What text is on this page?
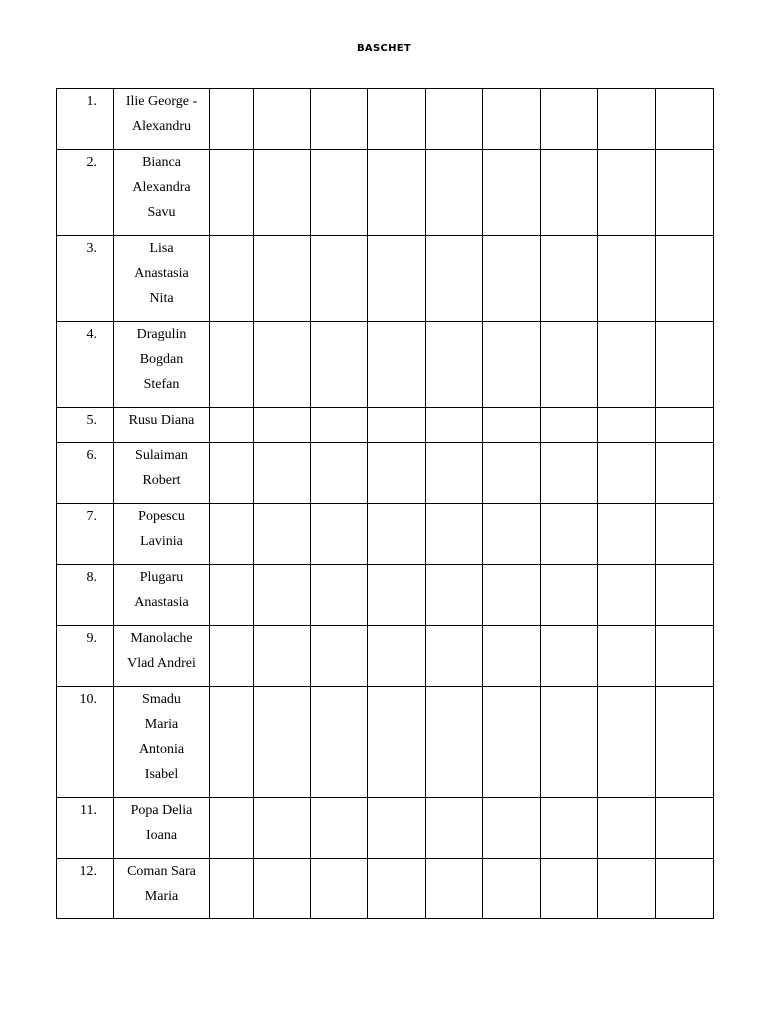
BASCHET
1.	Ilie George -
Alexandru									

2.	Bianca
Alexandra
Savu									

3.	Lisa
Anastasia
Nita									

4.	Dragulin
Bogdan
Stefan									

5.	Rusu Diana									

6.	Sulaiman
Robert									

7.	Popescu
Lavinia									

8.	Plugaru
Anastasia									

9.	Manolache
Vlad Andrei									

10.	Smadu
Maria
Antonia
Isabel									

11.	Popa Delia
Ioana									

12.	Coman Sara
Maria									
